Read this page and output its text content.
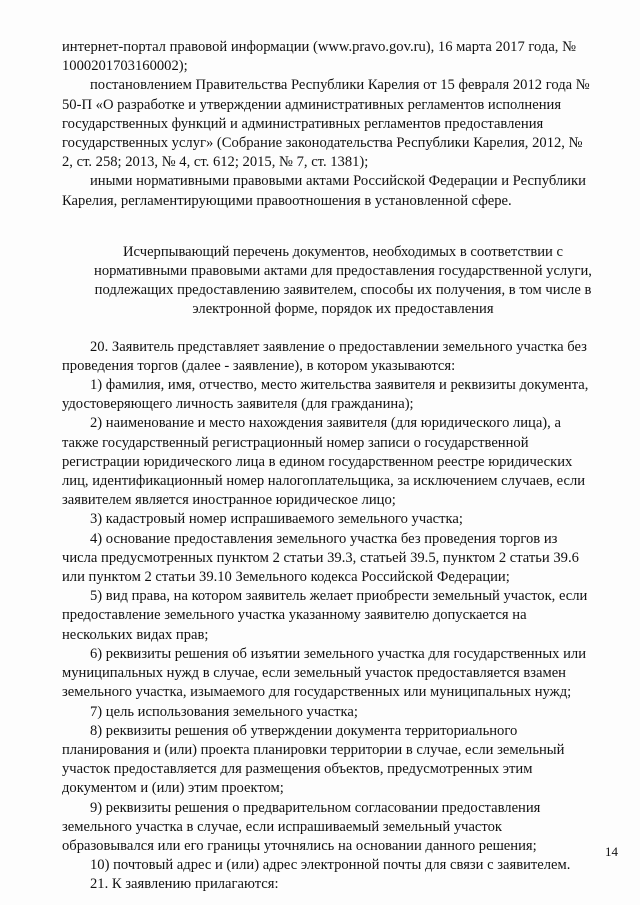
интернет-портал правовой информации (www.pravo.gov.ru), 16 марта 2017 года, №
1000201703160002);

постановлением Правительства Республики Карелия от 15 февраля 2012 года №
50-П «О разработке и утверждении административных регламентов исполнения
государственных функций и административных регламентов предоставления
государственных услуг» (Собрание законодательства Республики Карелия, 2012, №
2, ст. 258; 2013, № 4, ст. 612; 2015, № 7, ст. 1381);

иными нормативными правовыми актами Российской Федерации и Республики
Карелия, регламентирующими правоотношения в установленной сфере.

Исчерпывающий перечень документов, необходимых в соответствии с
нормативными правовыми актами для предоставления государственной услуги,
подлежащих предоставлению заявителем, способы их получения, в том числе в
электронной форме, порядок их предоставления

20. Заявитель представляет заявление о предоставлении земельного участка без
проведения торгов (далее - заявление), в котором указываются:

1) фамилия, имя, отчество, место жительства заявителя и реквизиты документа,
удостоверяющего личность заявителя (для гражданина);

2) наименование и место нахождения заявителя (для юридического лица), а
также государственный регистрационный номер записи о государственной
регистрации юридического лица в едином государственном реестре юридических
лиц, идентификационный номер налогоплательщика, за исключением случаев, если
заявителем является иностранное юридическое лицо;

3) кадастровый номер испрашиваемого земельного участка;

4) основание предоставления земельного участка без проведения торгов из
числа предусмотренных пунктом 2 статьи 39.3, статьей 39.5, пунктом 2 статьи 39.6
или пунктом 2 статьи 39.10 Земельного кодекса Российской Федерации;

5) вид права, на котором заявитель желает приобрести земельный участок, если
предоставление земельного участка указанному заявителю допускается на
нескольких видах прав;

6) реквизиты решения об изъятии земельного участка для государственных или
муниципальных нужд в случае, если земельный участок предоставляется взамен
земельного участка, изымаемого для государственных или муниципальных нужд;

7) цель использования земельного участка;

8) реквизиты решения об утверждении документа территориального
планирования и (или) проекта планировки территории в случае, если земельный
участок предоставляется для размещения объектов, предусмотренных этим
документом и (или) этим проектом;

9) реквизиты решения о предварительном согласовании предоставления
земельного участка в случае, если испрашиваемый земельный участок
образовывался или его границы уточнялись на основании данного решения;

10) почтовый адрес и (или) адрес электронной почты для связи с заявителем.

21. К заявлению прилагаются:

14
